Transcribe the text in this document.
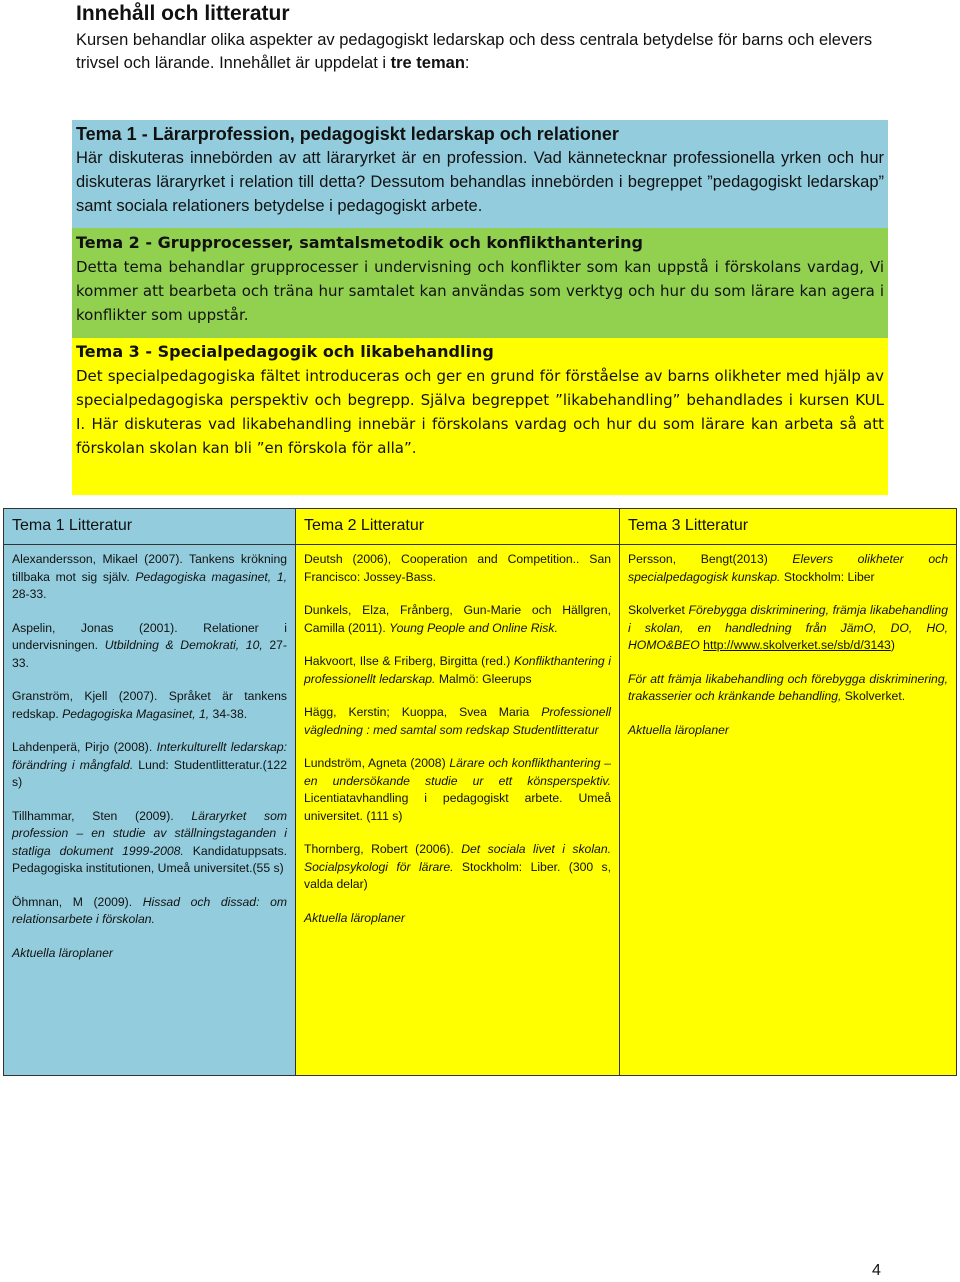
Innehåll och litteratur
Kursen behandlar olika aspekter av pedagogiskt ledarskap och dess centrala betydelse för barns och elevers trivsel och lärande. Innehållet är uppdelat i tre teman:
Tema 1 - Lärarprofession, pedagogiskt ledarskap och relationer

Här diskuteras innebörden av att läraryrket är en profession. Vad kännetecknar professionella yrken och hur diskuteras läraryrket i relation till detta? Dessutom behandlas innebörden i begreppet ”pedagogiskt ledarskap” samt sociala relationers betydelse i pedagogiskt arbete.

Tema 2 - Grupprocesser, samtalsmetodik och konflikthantering

Detta tema behandlar grupprocesser i undervisning och konflikter som kan uppstå i förskolans vardag, Vi kommer att bearbeta och träna hur samtalet kan användas som verktyg och hur du som lärare kan agera i konflikter som uppstår.

Tema 3 - Specialpedagogik och likabehandling

Det specialpedagogiska fältet introduceras och ger en grund för förståelse av barns olikheter med hjälp av specialpedagogiska perspektiv och begrepp. Själva begreppet ”likabehandling” behandlades i kursen KUL I. Här diskuteras vad likabehandling innebär i förskolans vardag och hur du som lärare kan arbeta så att förskolan skolan kan bli ”en förskola för alla”.

Tema 1 Litteratur
Alexandersson, Mikael (2007). Tankens krökning tillbaka mot sig själv. Pedagogiska magasinet, 1, 28-33.
Aspelin, Jonas (2001). Relationer i undervisningen. Utbildning & Demokrati, 10, 27-33.
Granström, Kjell (2007). Språket är tankens redskap. Pedagogiska Magasinet, 1, 34-38.
Lahdenperä, Pirjo (2008). Interkulturellt ledarskap: förändring i mångfald. Lund: Studentlitteratur.(122 s)
Tillhammar, Sten (2009). Läraryrket som profession – en studie av ställningstaganden i statliga dokument 1999-2008. Kandidatuppsats. Pedagogiska institutionen, Umeå universitet.(55 s)
Öhmnan, M (2009). Hissad och dissad: om relationsarbete i förskolan.
Aktuella läroplaner
Tema 2 Litteratur
Deutsh (2006), Cooperation and Competition.. San Francisco: Jossey-Bass.
Dunkels, Elza, Frånberg, Gun-Marie och Hällgren, Camilla (2011). Young People and Online Risk.
Hakvoort, Ilse & Friberg, Birgitta (red.) Konflikthantering i professionellt ledarskap. Malmö: Gleerups
Hägg, Kerstin; Kuoppa, Svea Maria Professionell vägledning : med samtal som redskap Studentlitteratur
Lundström, Agneta (2008) Lärare och konflikthantering – en undersökande studie ur ett könsperspektiv. Licentiatavhandling i pedagogiskt arbete. Umeå universitet. (111 s)
Thornberg, Robert (2006). Det sociala livet i skolan. Socialpsykologi för lärare. Stockholm: Liber. (300 s, valda delar)
Aktuella läroplaner
Tema 3 Litteratur
Persson, Bengt(2013) Elevers olikheter och specialpedagogisk kunskap. Stockholm: Liber
Skolverket Förebygga diskriminering, främja likabehandling i skolan, en handledning från JämO, DO, HO, HOMO&BEO http://www.skolverket.se/sb/d/3143)
För att främja likabehandling och förebygga diskriminering, trakasserier och kränkande behandling, Skolverket.
Aktuella läroplaner
4
